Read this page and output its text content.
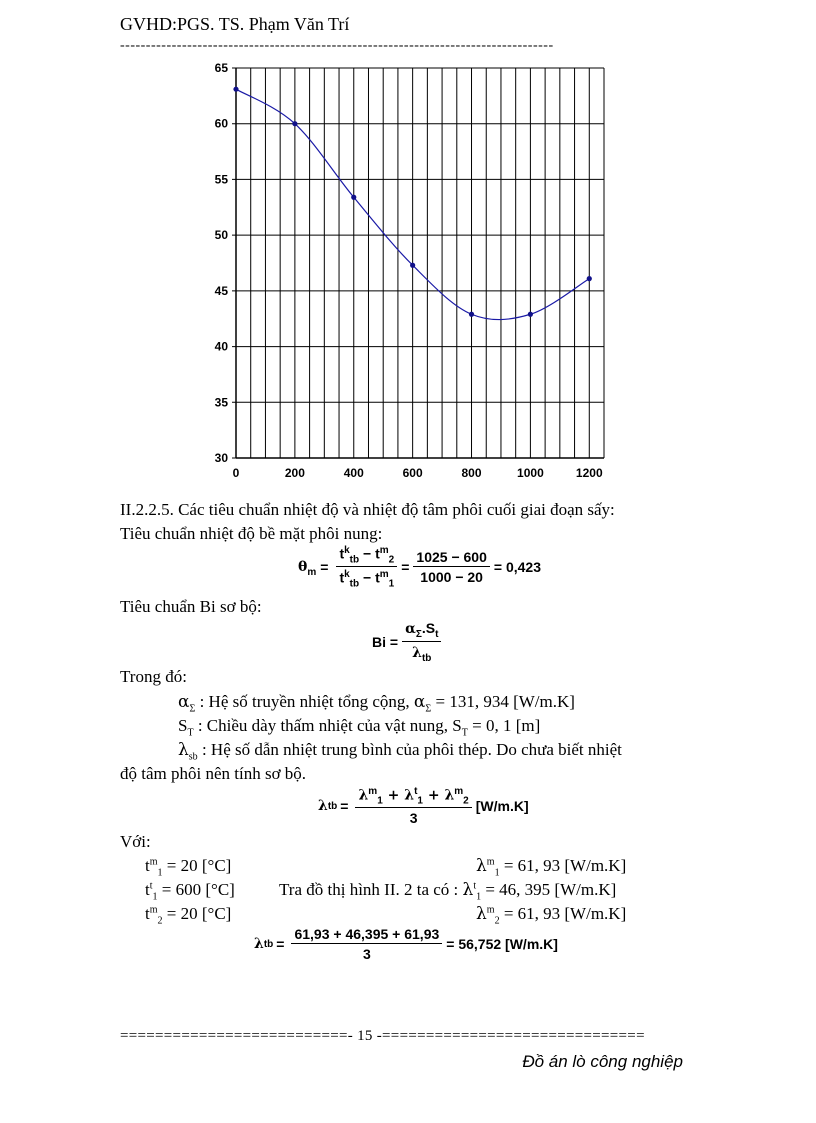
GVHD:PGS. TS. Phạm Văn Trí
------------------------------------------------------------------------------------
30
35
40
45
50
55
60
65
0	200	400	600	800	1000	1200
II.2.2.5. Các tiêu chuẩn nhiệt độ và nhiệt độ tâm phôi cuối giai đoạn sấy:
Tiêu chuẩn nhiệt độ bề mặt phôi nung:
$\theta_m = \frac{t^k_{tb} - t^m_2}{t^k_{tb} - t^m_1} = \frac{1025 - 600}{1000 - 20} = 0,423$
Tiêu chuẩn Bi sơ bộ:
$Bi = \frac{\alpha_\Sigma.S_t}{\lambda_{tb}}$
Trong đó:
$\alpha_\Sigma$ : Hệ số truyền nhiệt tổng cộng, $\alpha_\Sigma = 131$, 934 [W/m.K]
$S_T$ : Chiều dày thấm nhiệt của vật nung, $S_T = 0$, 1 [m]
$\lambda_{sb}$ : Hệ số dẫn nhiệt trung bình của phôi thép. Do chưa biết nhiệt
độ tâm phôi nên tính sơ bộ.
λ tb = $\frac{\lambda^m_1 + \lambda^t_1 + \lambda^m_2}{3} [W/m.K]$
Với:
$t^m_1 = 20$ [°C]	$\lambda^m_1 = 61$, 93 [W/m.K]
$t^t_1 = 600$ [°C]	Tra đồ thị hình II. 2 ta có : $\lambda^t_1 = 46$, 395 [W/m.K]
$t^m_2 = 20$ [°C]	$\lambda^m_2 = 61$, 93 [W/m.K]
λ tb = $\frac{61,93 + 46,395 + 61,93}{3} = 56,752$ [W/m.K]
==========================- 15 -==============================
Đồ án lò công nghiệp
